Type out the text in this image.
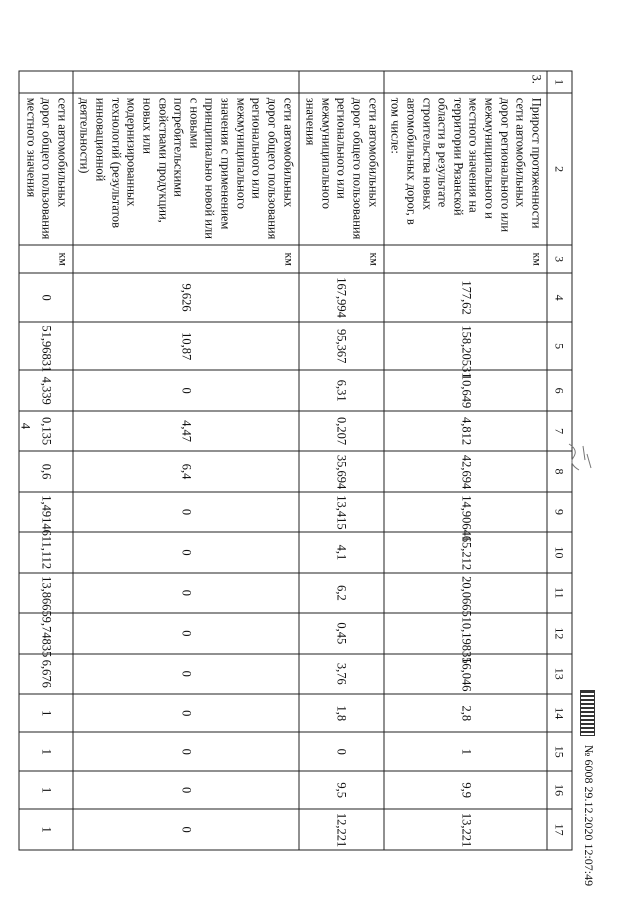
4
1	2	3	4	5	6	7	8	9	10	11	12	13	14	15	16	17
3.	Прирост протяженности сети автомобильных дорог регионального или межмуниципального и местного значения на территории Рязанской области в результате строительства новых автомобильных дорог, в том числе:	км	177,62	158,20531	10,649	4,812	42,694	14,90646	15,212	20,0665	10,19835	16,046	2,8	1	9,9	13,221
	сети автомобильных дорог общего пользования регионального или межмуниципального значения	км	167,994	95,367	6,31	0,207	35,694	13,415	4,1	6,2	0,45	3,76	1,8	0	9,5	12,221
	сети автомобильных дорог общего пользования регионального или межмуниципального значения с применением принципиально новой или с новыми потребительскими свойствами продукции, новых или модернизированных технологий (результатов инновационной деятельности)	км	9,626	10,87	0	4,47	6,4	0	0	0	0	0	0	0	0	0
	сети автомобильных дорог общего пользования местного значения	км	0	51,96831	4,339	0,135	0,6	1,49146	11,112	13,8665	9,74835	6,676	1	1	1	1	№ 6008 29.12.2020 12:07:49
